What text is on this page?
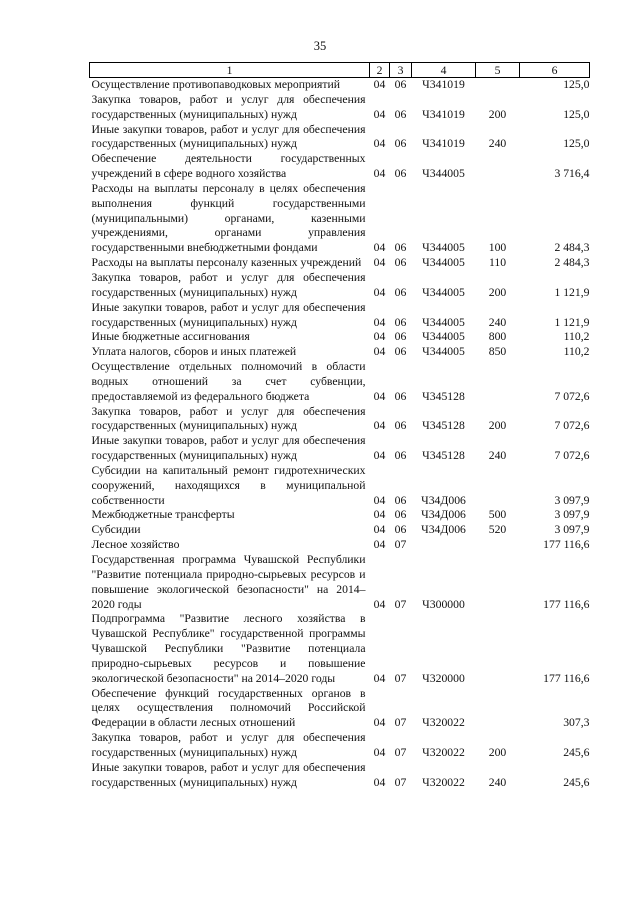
35
1	2	3	4	5	6
Осуществление противопаводковых мероприятий	04	06	Ч341019		125,0
Закупка товаров, работ и услуг для обеспечения государственных (муниципальных) нужд	04	06	Ч341019	200	125,0
Иные закупки товаров, работ и услуг для обеспечения государственных (муниципальных) нужд	04	06	Ч341019	240	125,0
Обеспечение деятельности государственных учреждений в сфере водного хозяйства	04	06	Ч344005		3 716,4
Расходы на выплаты персоналу в целях обеспечения выполнения функций государственными (муниципальными) органами, казенными учреждениями, органами управления государственными внебюджетными фондами	04	06	Ч344005	100	2 484,3
Расходы на выплаты персоналу казенных учреждений	04	06	Ч344005	110	2 484,3
Закупка товаров, работ и услуг для обеспечения государственных (муниципальных) нужд	04	06	Ч344005	200	1 121,9
Иные закупки товаров, работ и услуг для обеспечения государственных (муниципальных) нужд	04	06	Ч344005	240	1 121,9
Иные бюджетные ассигнования	04	06	Ч344005	800	110,2
Уплата налогов, сборов и иных платежей	04	06	Ч344005	850	110,2
Осуществление отдельных полномочий в области водных отношений за счет субвенции, предоставляемой из федерального бюджета	04	06	Ч345128		7 072,6
Закупка товаров, работ и услуг для обеспечения государственных (муниципальных) нужд	04	06	Ч345128	200	7 072,6
Иные закупки товаров, работ и услуг для обеспечения государственных (муниципальных) нужд	04	06	Ч345128	240	7 072,6
Субсидии на капитальный ремонт гидротехнических сооружений, находящихся в муниципальной собственности	04	06	Ч34Д006		3 097,9
Межбюджетные трансферты	04	06	Ч34Д006	500	3 097,9
Субсидии	04	06	Ч34Д006	520	3 097,9
Лесное хозяйство	04	07			177 116,6
Государственная программа Чувашской Республики "Развитие потенциала природно-сырьевых ресурсов и повышение экологической безопасности" на 2014–2020 годы	04	07	Ч300000		177 116,6
Подпрограмма "Развитие лесного хозяйства в Чувашской Республике" государственной программы Чувашской Республики "Развитие потенциала природно-сырьевых ресурсов и повышение экологической безопасности" на 2014–2020 годы	04	07	Ч320000		177 116,6
Обеспечение функций государственных органов в целях осуществления полномочий Российской Федерации в области лесных отношений	04	07	Ч320022		307,3
Закупка товаров, работ и услуг для обеспечения государственных (муниципальных) нужд	04	07	Ч320022	200	245,6
Иные закупки товаров, работ и услуг для обеспечения государственных (муниципальных) нужд	04	07	Ч320022	240	245,6
